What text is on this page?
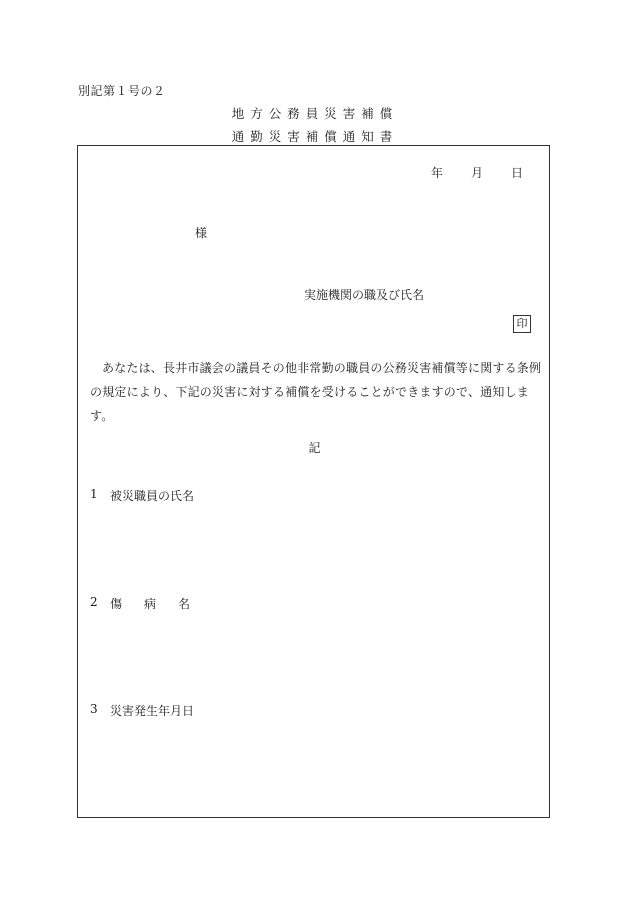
別記第１号の２
地方公務員災害補償
通勤災害補償通知書
年 月 日
様
実施機関の職及び氏名
印
あなたは、長井市議会の議員その他非常勤の職員の公務災害補償等に関する条例の規定により、下記の災害に対する補償を受けることができますので、通知します。
記
1	被災職員の氏名
2	傷病名
3	災害発生年月日
